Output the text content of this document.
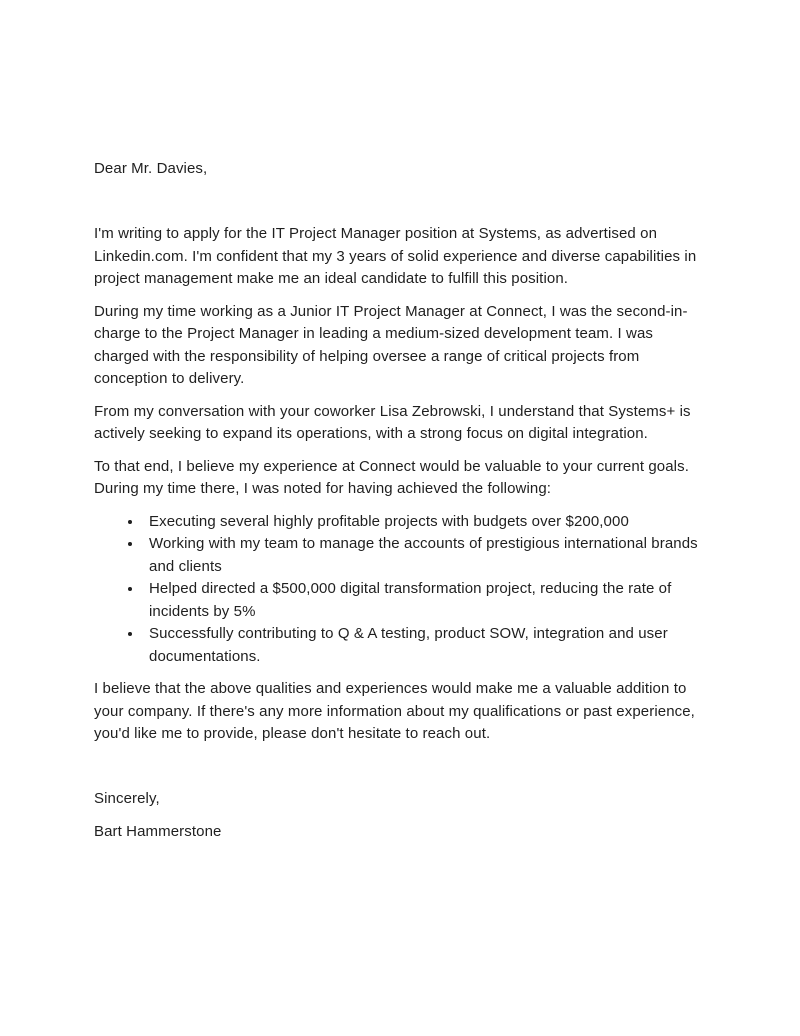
Dear Mr. Davies,

I'm writing to apply for the IT Project Manager position at Systems, as advertised on Linkedin.com. I'm confident that my 3 years of solid experience and diverse capabilities in project management make me an ideal candidate to fulfill this position.

During my time working as a Junior IT Project Manager at Connect, I was the second-in-charge to the Project Manager in leading a medium-sized development team. I was charged with the responsibility of helping oversee a range of critical projects from conception to delivery.

From my conversation with your coworker Lisa Zebrowski, I understand that Systems+ is actively seeking to expand its operations, with a strong focus on digital integration.

To that end, I believe my experience at Connect would be valuable to your current goals. During my time there, I was noted for having achieved the following:

• Executing several highly profitable projects with budgets over $200,000
• Working with my team to manage the accounts of prestigious international brands and clients
• Helped directed a $500,000 digital transformation project, reducing the rate of incidents by 5%
• Successfully contributing to Q & A testing, product SOW, integration and user documentations.

I believe that the above qualities and experiences would make me a valuable addition to your company. If there's any more information about my qualifications or past experience, you'd like me to provide, please don't hesitate to reach out.

Sincerely,

Bart Hammerstone
